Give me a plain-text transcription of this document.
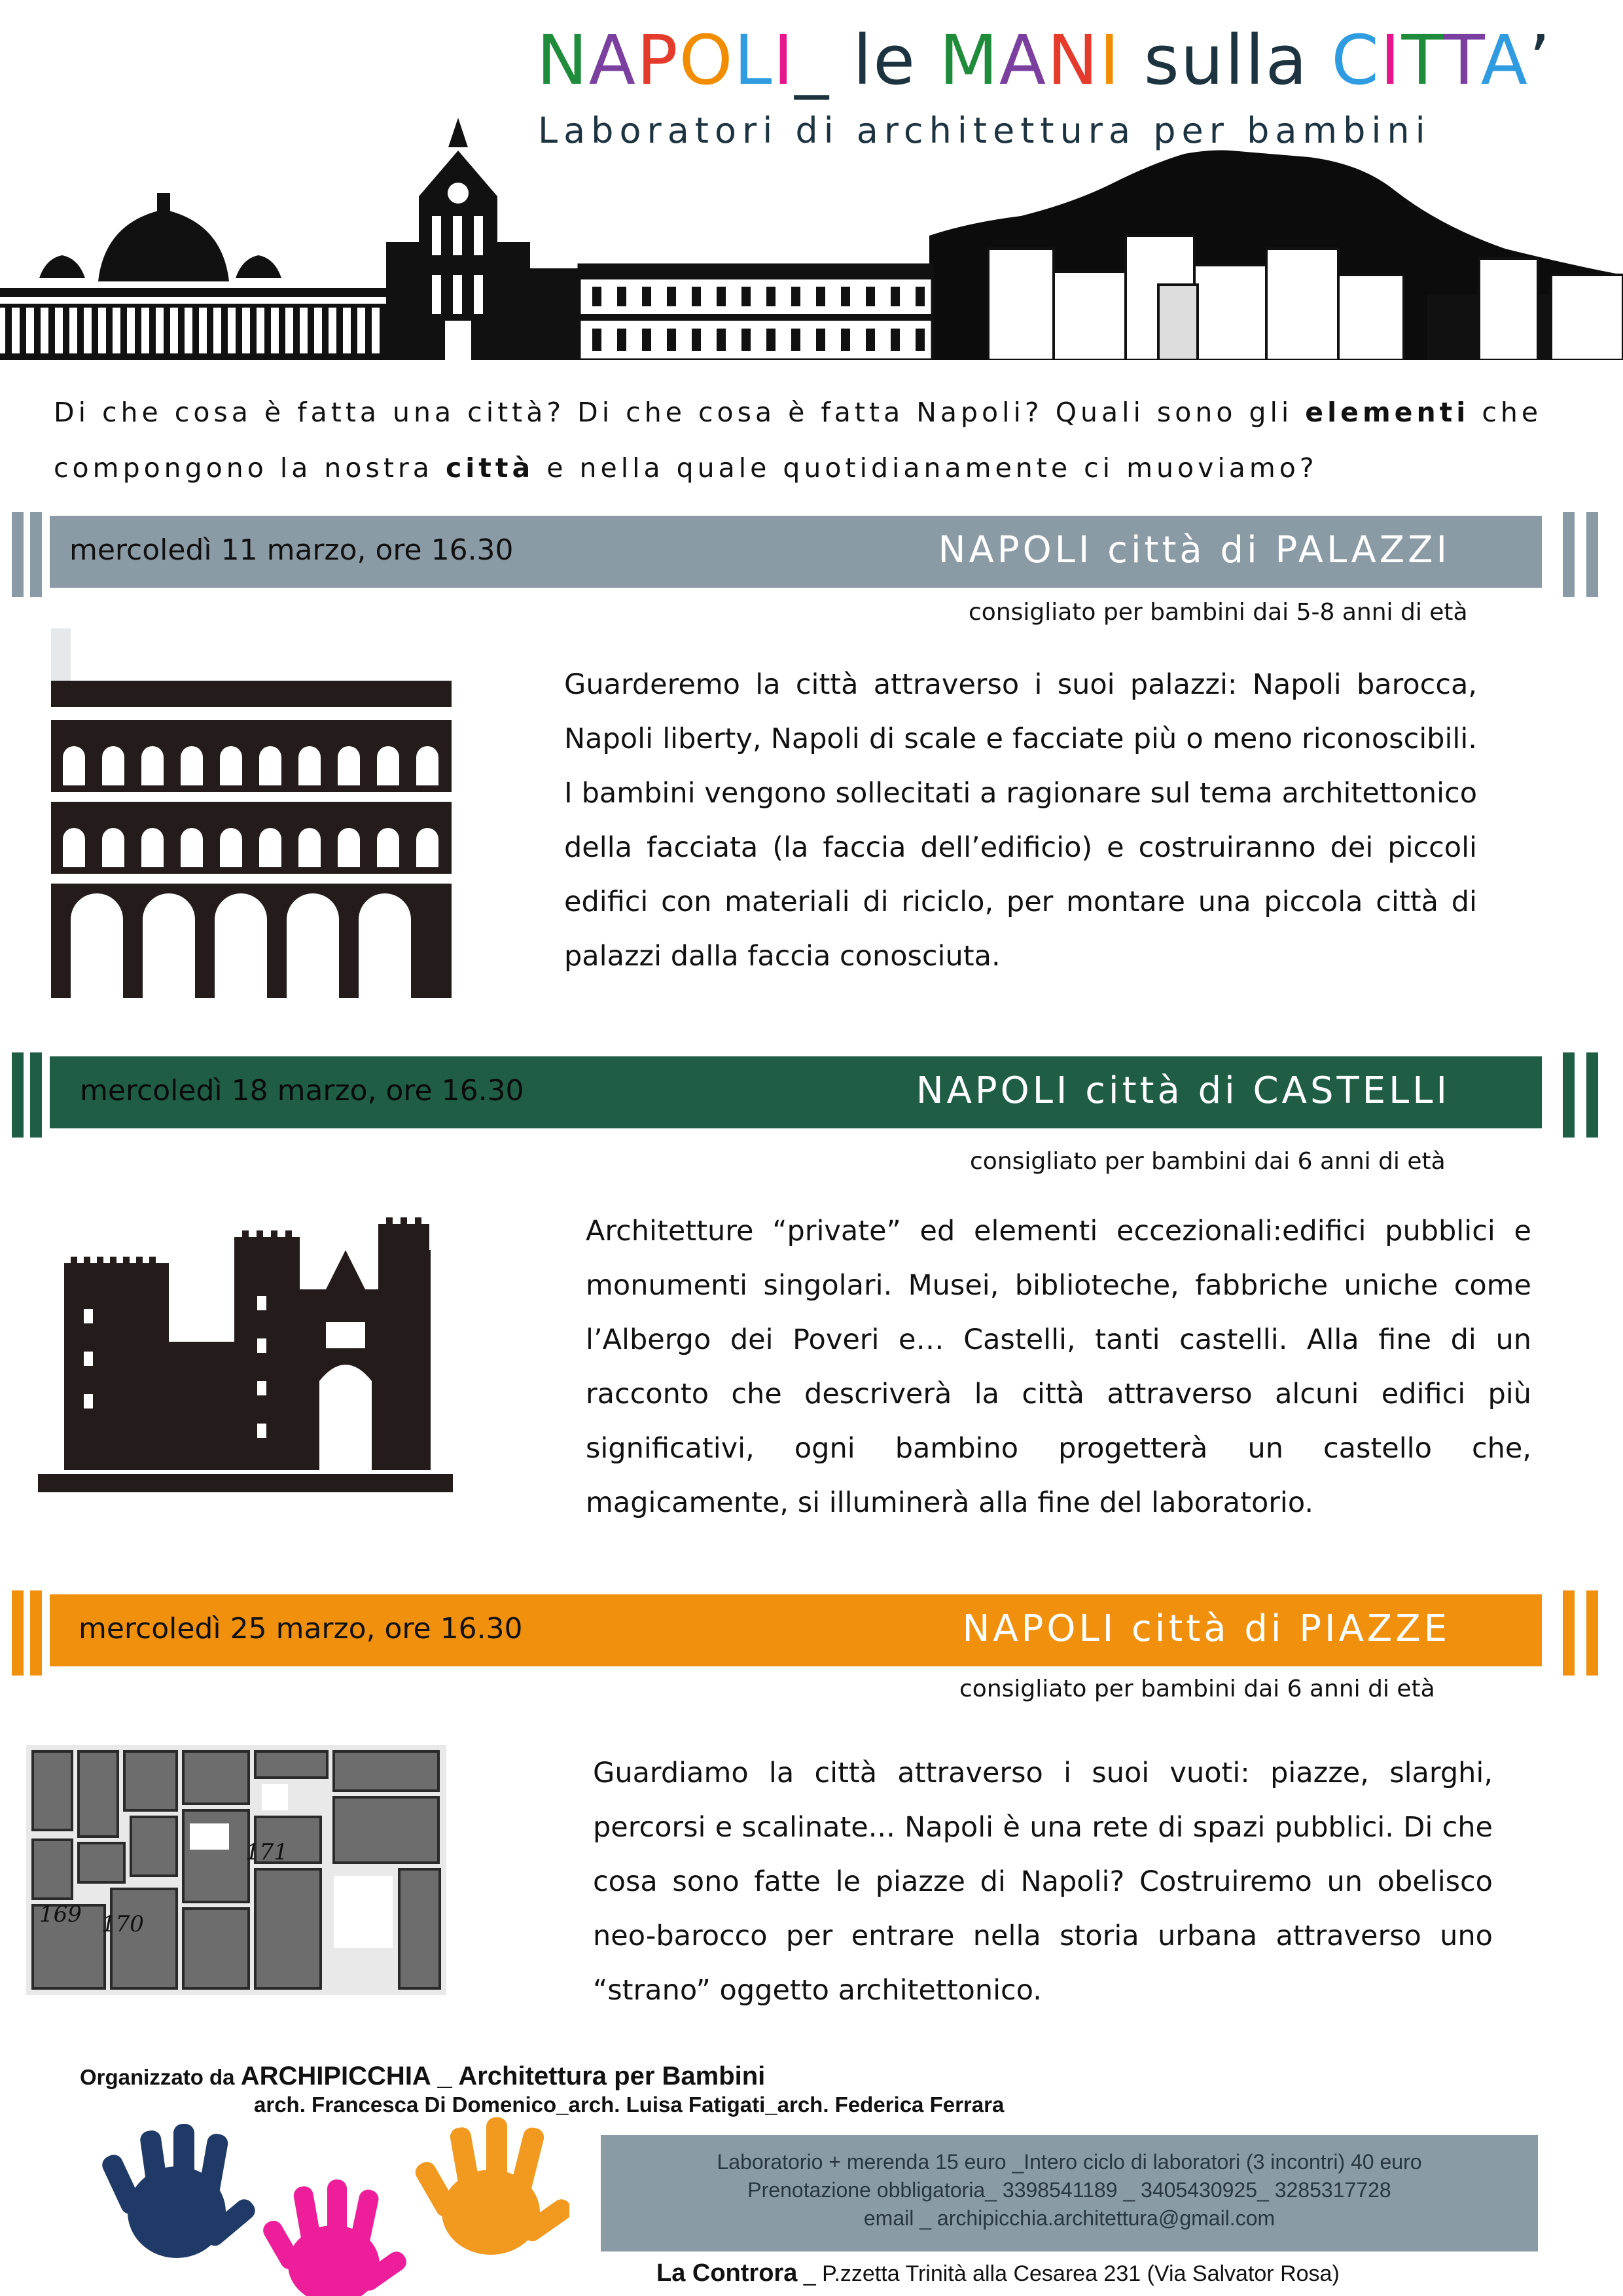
NAPOLI_ le MANI sulla CITTA’
Laboratori di architettura per bambini

Di che cosa è fatta una città? Di che cosa è fatta Napoli? Quali sono gli elementi che

compongono la nostra città e nella quale quotidianamente ci muoviamo?

mercoledì 11 marzo, ore 16.30	NAPOLI città di PALAZZI
consigliato per bambini dai 5-8 anni di età

Guarderemo la città attraverso i suoi palazzi: Napoli barocca, Napoli liberty, Napoli di scale e facciate più o meno riconoscibili. I bambini vengono sollecitati a ragionare sul tema architettonico della facciata (la faccia dell’edificio) e costruiranno dei piccoli edifici con materiali di riciclo, per montare una piccola città di palazzi dalla faccia conosciuta.

mercoledì 18 marzo, ore 16.30	NAPOLI città di CASTELLI
consigliato per bambini dai 6 anni di età

Architetture “private” ed elementi eccezionali:edifici pubblici e monumenti singolari. Musei, biblioteche, fabbriche uniche come l’Albergo dei Poveri e… Castelli, tanti castelli. Alla fine di un racconto che descriverà la città attraverso alcuni edifici più significativi, ogni bambino progetterà un castello che, magicamente, si illuminerà alla fine del laboratorio.

mercoledì 25 marzo, ore 16.30	NAPOLI città di PIAZZE
consigliato per bambini dai 6 anni di età
169 170
171

Guardiamo la città attraverso i suoi vuoti: piazze, slarghi, percorsi e scalinate... Napoli è una rete di spazi pubblici. Di che cosa sono fatte le piazze di Napoli? Costruiremo un obelisco neo-barocco per entrare nella storia urbana attraverso uno “strano” oggetto architettonico.

Organizzato da ARCHIPICCHIA _ Architettura per Bambini
arch. Francesca Di Domenico_arch. Luisa Fatigati_arch. Federica Ferrara
Laboratorio + merenda 15 euro _Intero ciclo di laboratori (3 incontri) 40 euro
Prenotazione obbligatoria_ 3398541189 _ 3405430925_ 3285317728
email _ archipicchia.architettura@gmail.com
La Controra _ P.zzetta Trinità alla Cesarea 231 (Via Salvator Rosa)
